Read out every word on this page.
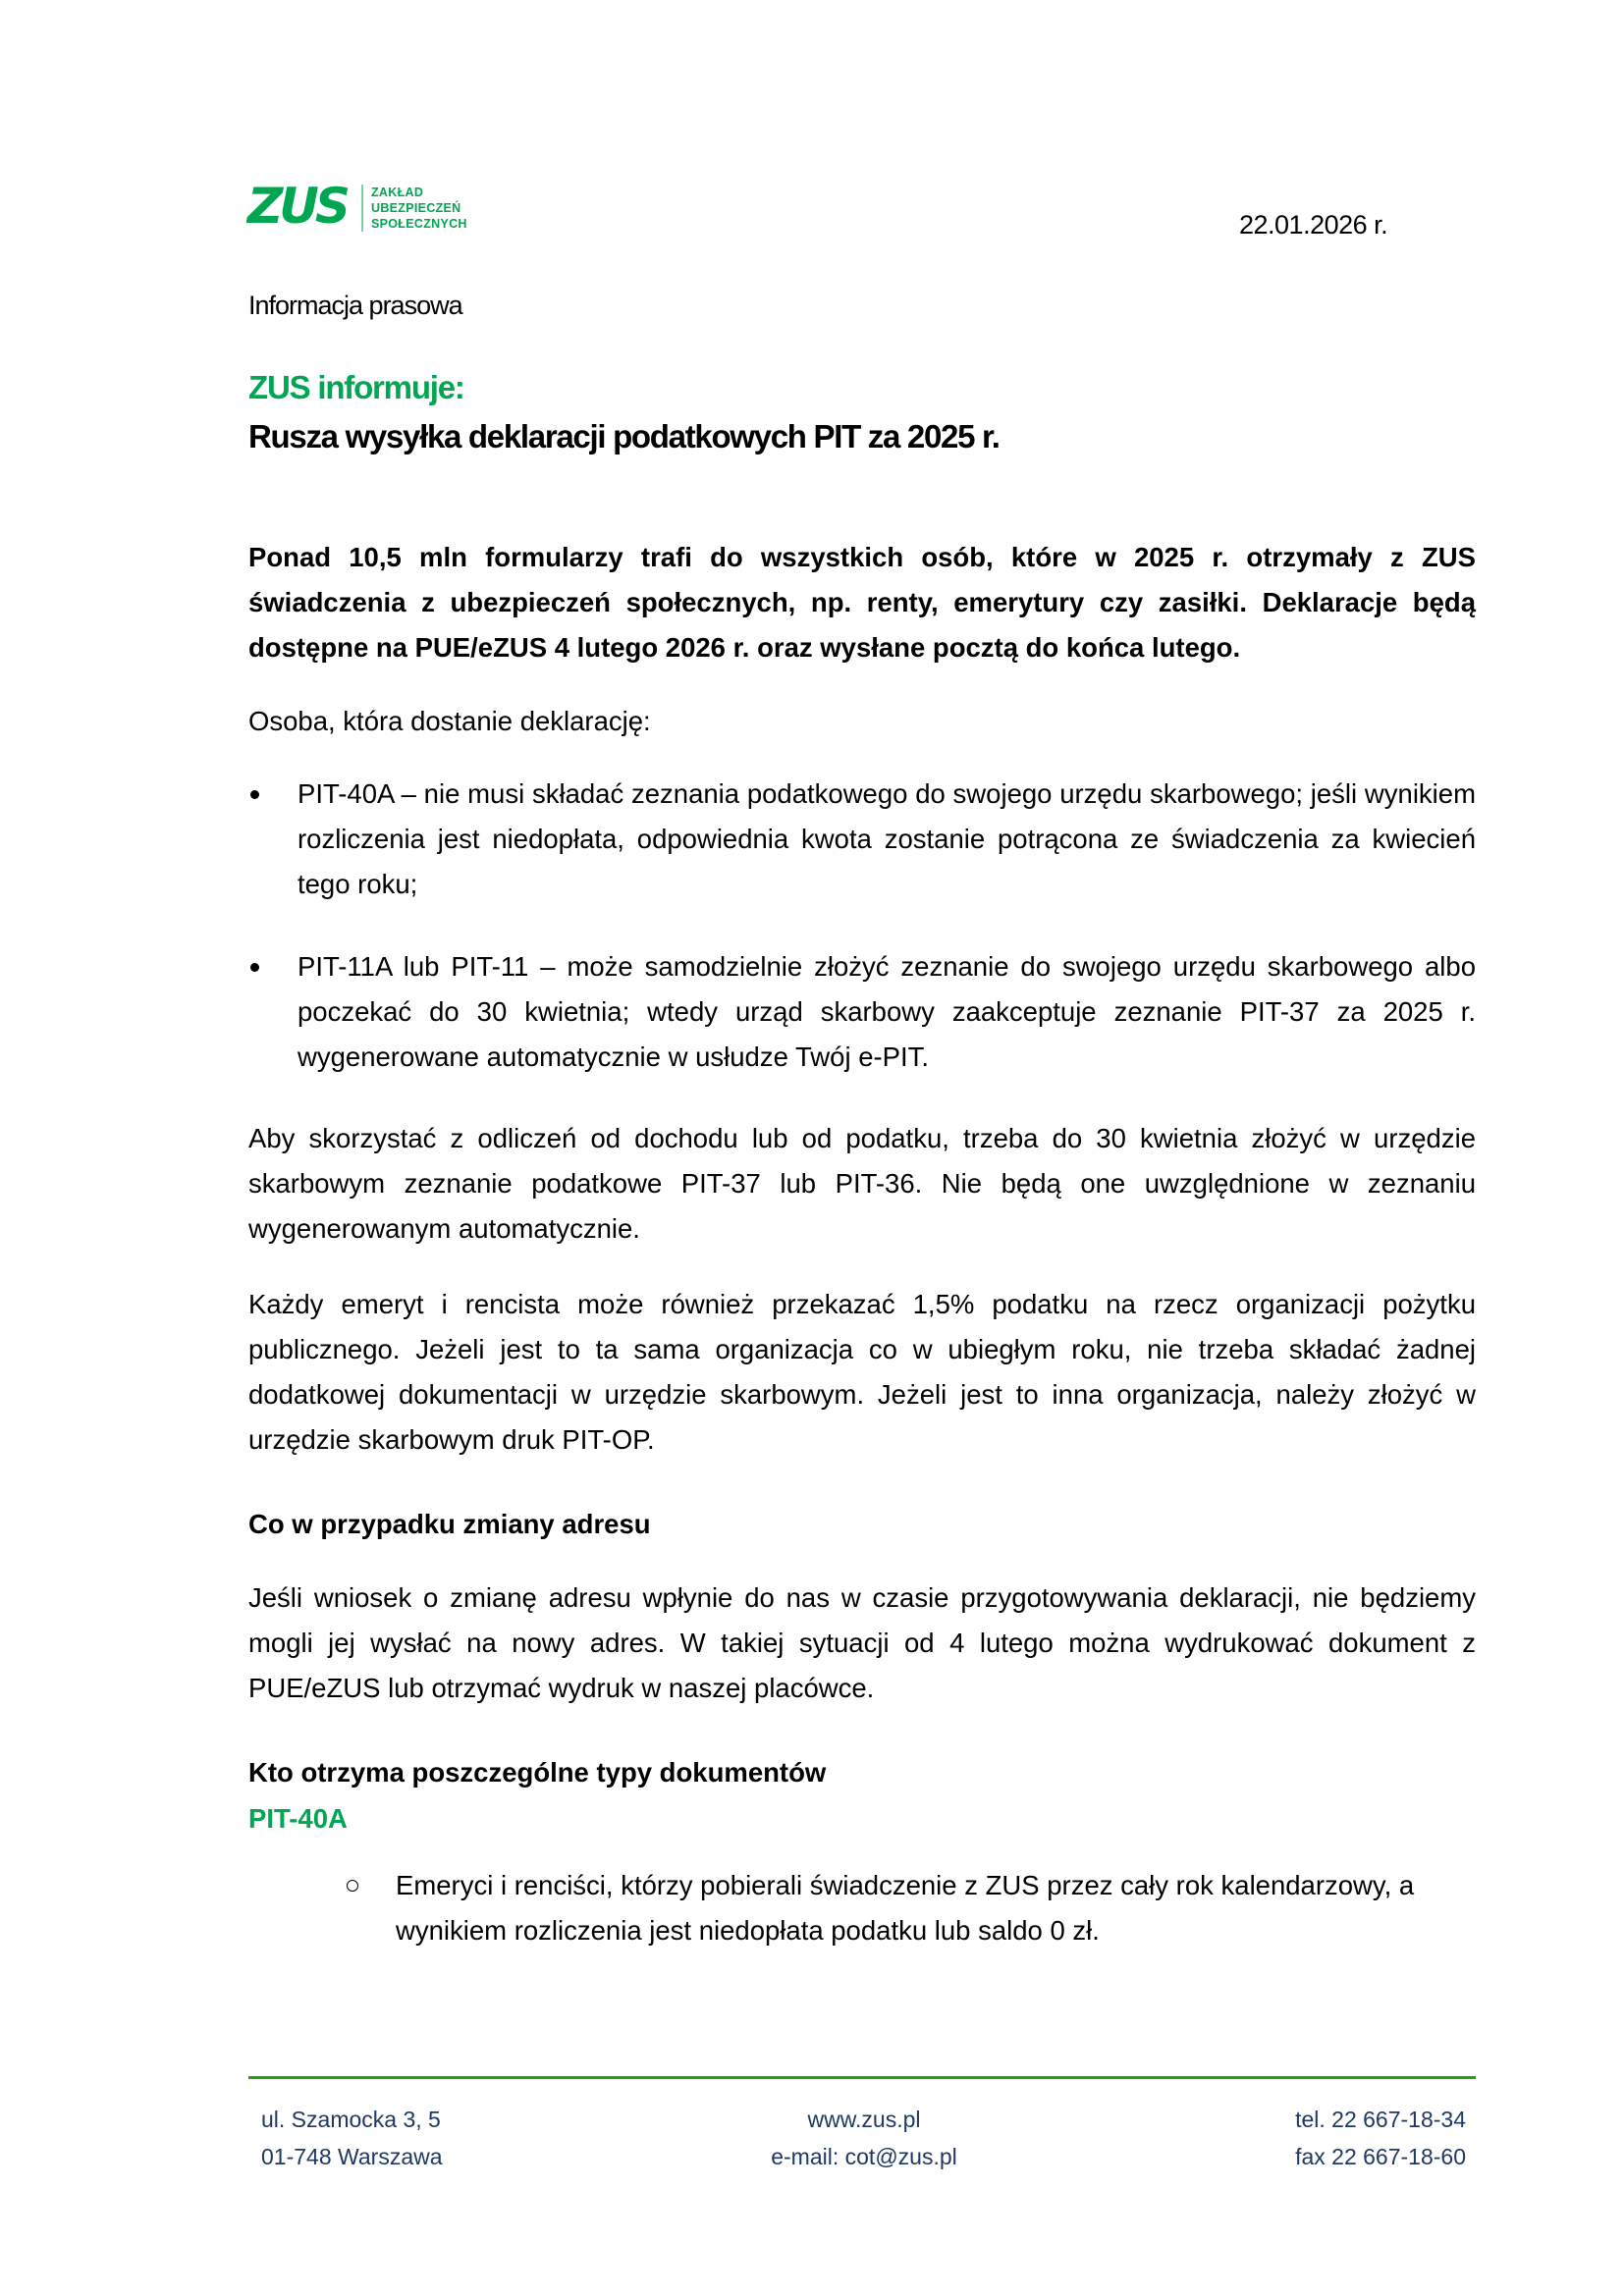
ZUS ZAKŁAD
UBEZPIECZEŃ
SPOŁECZNYCH	22.01.2026 r.
Informacja prasowa
ZUS informuje:
Rusza wysyłka deklaracji podatkowych PIT za 2025 r.
Ponad 10,5 mln formularzy trafi do wszystkich osób, które w 2025 r. otrzymały z ZUS świadczenia z ubezpieczeń społecznych, np. renty, emerytury czy zasiłki. Deklaracje będą dostępne na PUE/eZUS 4 lutego 2026 r. oraz wysłane pocztą do końca lutego.
Osoba, która dostanie deklarację:
PIT-40A – nie musi składać zeznania podatkowego do swojego urzędu skarbowego; jeśli wynikiem rozliczenia jest niedopłata, odpowiednia kwota zostanie potrącona ze świadczenia za kwiecień tego roku;
PIT-11A lub PIT-11 – może samodzielnie złożyć zeznanie do swojego urzędu skarbowego albo poczekać do 30 kwietnia; wtedy urząd skarbowy zaakceptuje zeznanie PIT-37 za 2025 r. wygenerowane automatycznie w usłudze Twój e-PIT.
Aby skorzystać z odliczeń od dochodu lub od podatku, trzeba do 30 kwietnia złożyć w urzędzie skarbowym zeznanie podatkowe PIT-37 lub PIT-36. Nie będą one uwzględnione w zeznaniu wygenerowanym automatycznie.
Każdy emeryt i rencista może również przekazać 1,5% podatku na rzecz organizacji pożytku publicznego. Jeżeli jest to ta sama organizacja co w ubiegłym roku, nie trzeba składać żadnej dodatkowej dokumentacji w urzędzie skarbowym. Jeżeli jest to inna organizacja, należy złożyć w urzędzie skarbowym druk PIT-OP.
Co w przypadku zmiany adresu
Jeśli wniosek o zmianę adresu wpłynie do nas w czasie przygotowywania deklaracji, nie będziemy mogli jej wysłać na nowy adres. W takiej sytuacji od 4 lutego można wydrukować dokument z PUE/eZUS lub otrzymać wydruk w naszej placówce.
Kto otrzyma poszczególne typy dokumentów
PIT-40A
Emeryci i renciści, którzy pobierali świadczenie z ZUS przez cały rok kalendarzowy, a wynikiem rozliczenia jest niedopłata podatku lub saldo 0 zł.
ul. Szamocka 3, 5
01-748 Warszawa
www.zus.pl
e-mail: cot@zus.pl
tel. 22 667-18-34
fax 22 667-18-60
